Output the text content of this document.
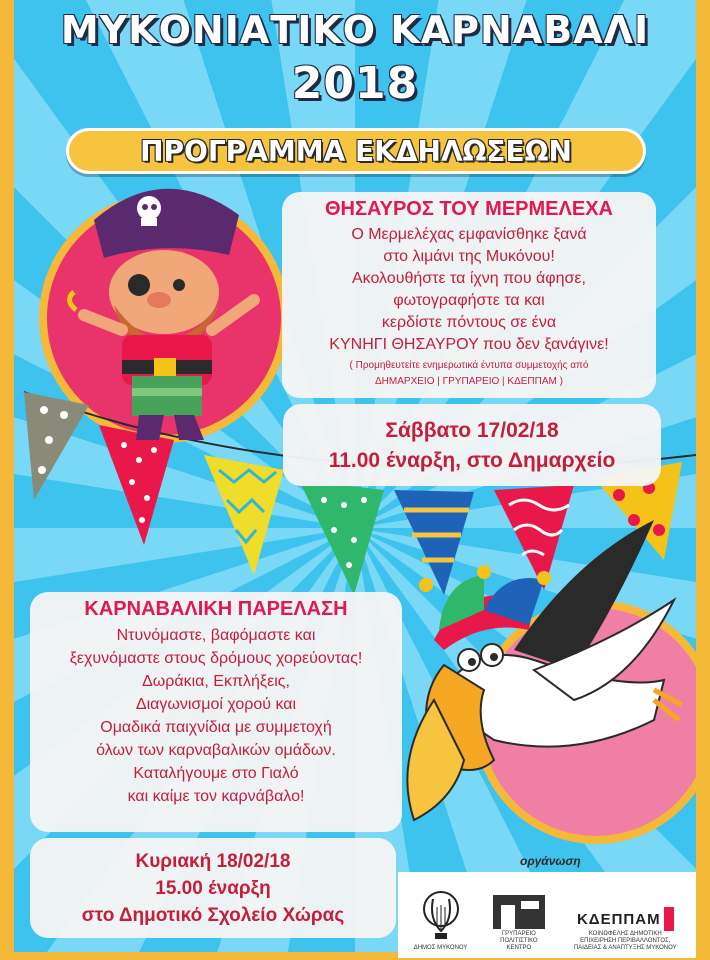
ΜΥΚΟΝΙΑΤΙΚΟ ΚΑΡΝΑΒΑΛΙ
2018
ΠΡΟΓΡΑΜΜΑ ΕΚΔΗΛΩΣΕΩΝ
ΘΗΣΑΥΡΟΣ ΤΟΥ ΜΕΡΜΕΛΕΧΑ
Ο Μερμελέχας εμφανίσθηκε ξανά
στο λιμάνι της Μυκόνου!
Ακολουθήστε τα ίχνη που άφησε,
φωτογραφήστε τα και
κερδίστε πόντους σε ένα
ΚΥΝΗΓΙ ΘΗΣΑΥΡΟΥ που δεν ξανάγινε!
( Προμηθευτείτε ενημερωτικά έντυπα συμμετοχής από
ΔΗΜΑΡΧΕΙΟ | ΓΡΥΠΑΡΕΙΟ | ΚΔΕΠΠΑΜ )
Σάββατο 17/02/18
11.00 έναρξη, στο Δημαρχείο
ΚΑΡΝΑΒΑΛΙΚΗ ΠΑΡΕΛΑΣΗ
Ντυνόμαστε, βαφόμαστε και
ξεχυνόμαστε στους δρόμους χορεύοντας!
Δωράκια, Εκπλήξεις,
Διαγωνισμοί χορού και
Ομαδικά παιχνίδια με συμμετοχή
όλων των καρναβαλικών ομάδων.
Καταλήγουμε στο Γιαλό
και καίμε τον καρνάβαλο!
Κυριακή 18/02/18
15.00 έναρξη
στο Δημοτικό Σχολείο Χώρας
οργάνωση
ΔΗΜΟΣ ΜΥΚΟΝΟΥ
ΓΡΥΠΑΡΕΙΟ
ΠΟΛΙΤΙΣΤΙΚΟ
ΚΕΝΤΡΟ
ΚΔΕΠΠΑΜ
ΚΟΙΝΩΦΕΛΗΣ ΔΗΜΟΤΙΚΗ ΕΠΙΧΕΙΡΗΣΗ ΠΕΡΙΒΑΛΛΟΝΤΟΣ, ΠΑΙΔΕΙΑΣ & ΑΝΑΠΤΥΞΗΣ ΜΥΚΟΝΟΥ
